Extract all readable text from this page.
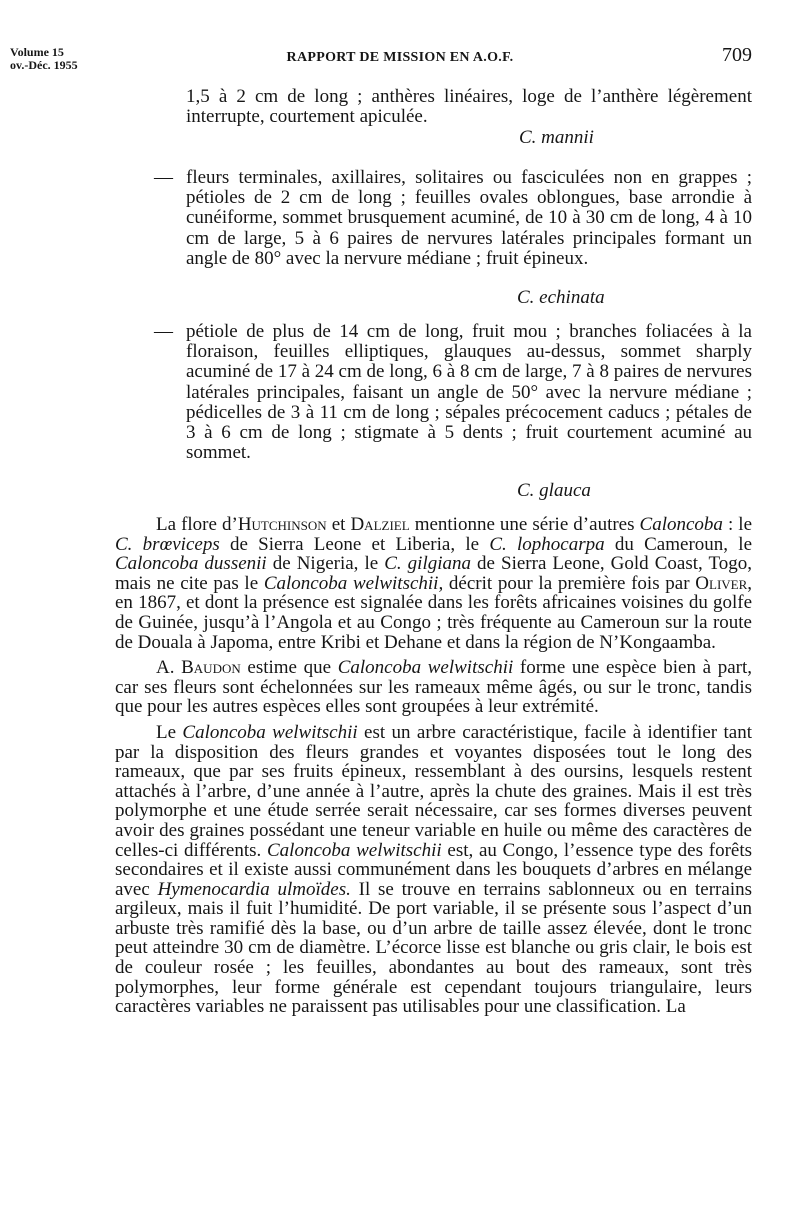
Volume 15
ov.-Déc. 1955	RAPPORT DE MISSION EN A.O.F.	709
1,5 à 2 cm de long ; anthères linéaires, loge de l’anthère légèrement interrupte, courtement apiculée.
C. mannii
— fleurs terminales, axillaires, solitaires ou fasciculées non en grappes ; pétioles de 2 cm de long ; feuilles ovales oblongues, base arrondie à cunéiforme, sommet brusquement acuminé, de 10 à 30 cm de long, 4 à 10 cm de large, 5 à 6 paires de nervures latérales principales formant un angle de 80° avec la nervure médiane ; fruit épineux.
C. echinata
— pétiole de plus de 14 cm de long, fruit mou ; branches foliacées à la floraison, feuilles elliptiques, glauques au-dessus, sommet sharply acuminé de 17 à 24 cm de long, 6 à 8 cm de large, 7 à 8 paires de nervures latérales principales, faisant un angle de 50° avec la nervure médiane ; pédicelles de 3 à 11 cm de long ; sépales précocement caducs ; pétales de 3 à 6 cm de long ; stigmate à 5 dents ; fruit courtement acuminé au sommet.
C. glauca

La flore d’Hutchinson et Dalziel mentionne une série d’autres Caloncoba : le C. brœviceps de Sierra Leone et Liberia, le C. lophocarpa du Cameroun, le Caloncoba dussenii de Nigeria, le C. gilgiana de Sierra Leone, Gold Coast, Togo, mais ne cite pas le Caloncoba welwitschii, décrit pour la première fois par Oliver, en 1867, et dont la présence est signalée dans les forêts africaines voisines du golfe de Guinée, jusqu’à l’Angola et au Congo ; très fréquente au Cameroun sur la route de Douala à Japoma, entre Kribi et Dehane et dans la région de N’Kongaamba.

A. Baudon estime que Caloncoba welwitschii forme une espèce bien à part, car ses fleurs sont échelonnées sur les rameaux même âgés, ou sur le tronc, tandis que pour les autres espèces elles sont groupées à leur extrémité.

Le Caloncoba welwitschii est un arbre caractéristique, facile à identifier tant par la disposition des fleurs grandes et voyantes disposées tout le long des rameaux, que par ses fruits épineux, ressemblant à des oursins, lesquels restent attachés à l’arbre, d’une année à l’autre, après la chute des graines. Mais il est très polymorphe et une étude serrée serait nécessaire, car ses formes diverses peuvent avoir des graines possédant une teneur variable en huile ou même des caractères de celles-ci différents. Caloncoba welwitschii est, au Congo, l’essence type des forêts secondaires et il existe aussi communément dans les bouquets d’arbres en mélange avec Hymenocardia ulmoïdes. Il se trouve en terrains sablonneux ou en terrains argileux, mais il fuit l’humidité. De port variable, il se présente sous l’aspect d’un arbuste très ramifié dès la base, ou d’un arbre de taille assez élevée, dont le tronc peut atteindre 30 cm de diamètre. L’écorce lisse est blanche ou gris clair, le bois est de couleur rosée ; les feuilles, abondantes au bout des rameaux, sont très polymorphes, leur forme générale est cependant toujours triangulaire, leurs caractères variables ne paraissent pas utilisables pour une classification. La
